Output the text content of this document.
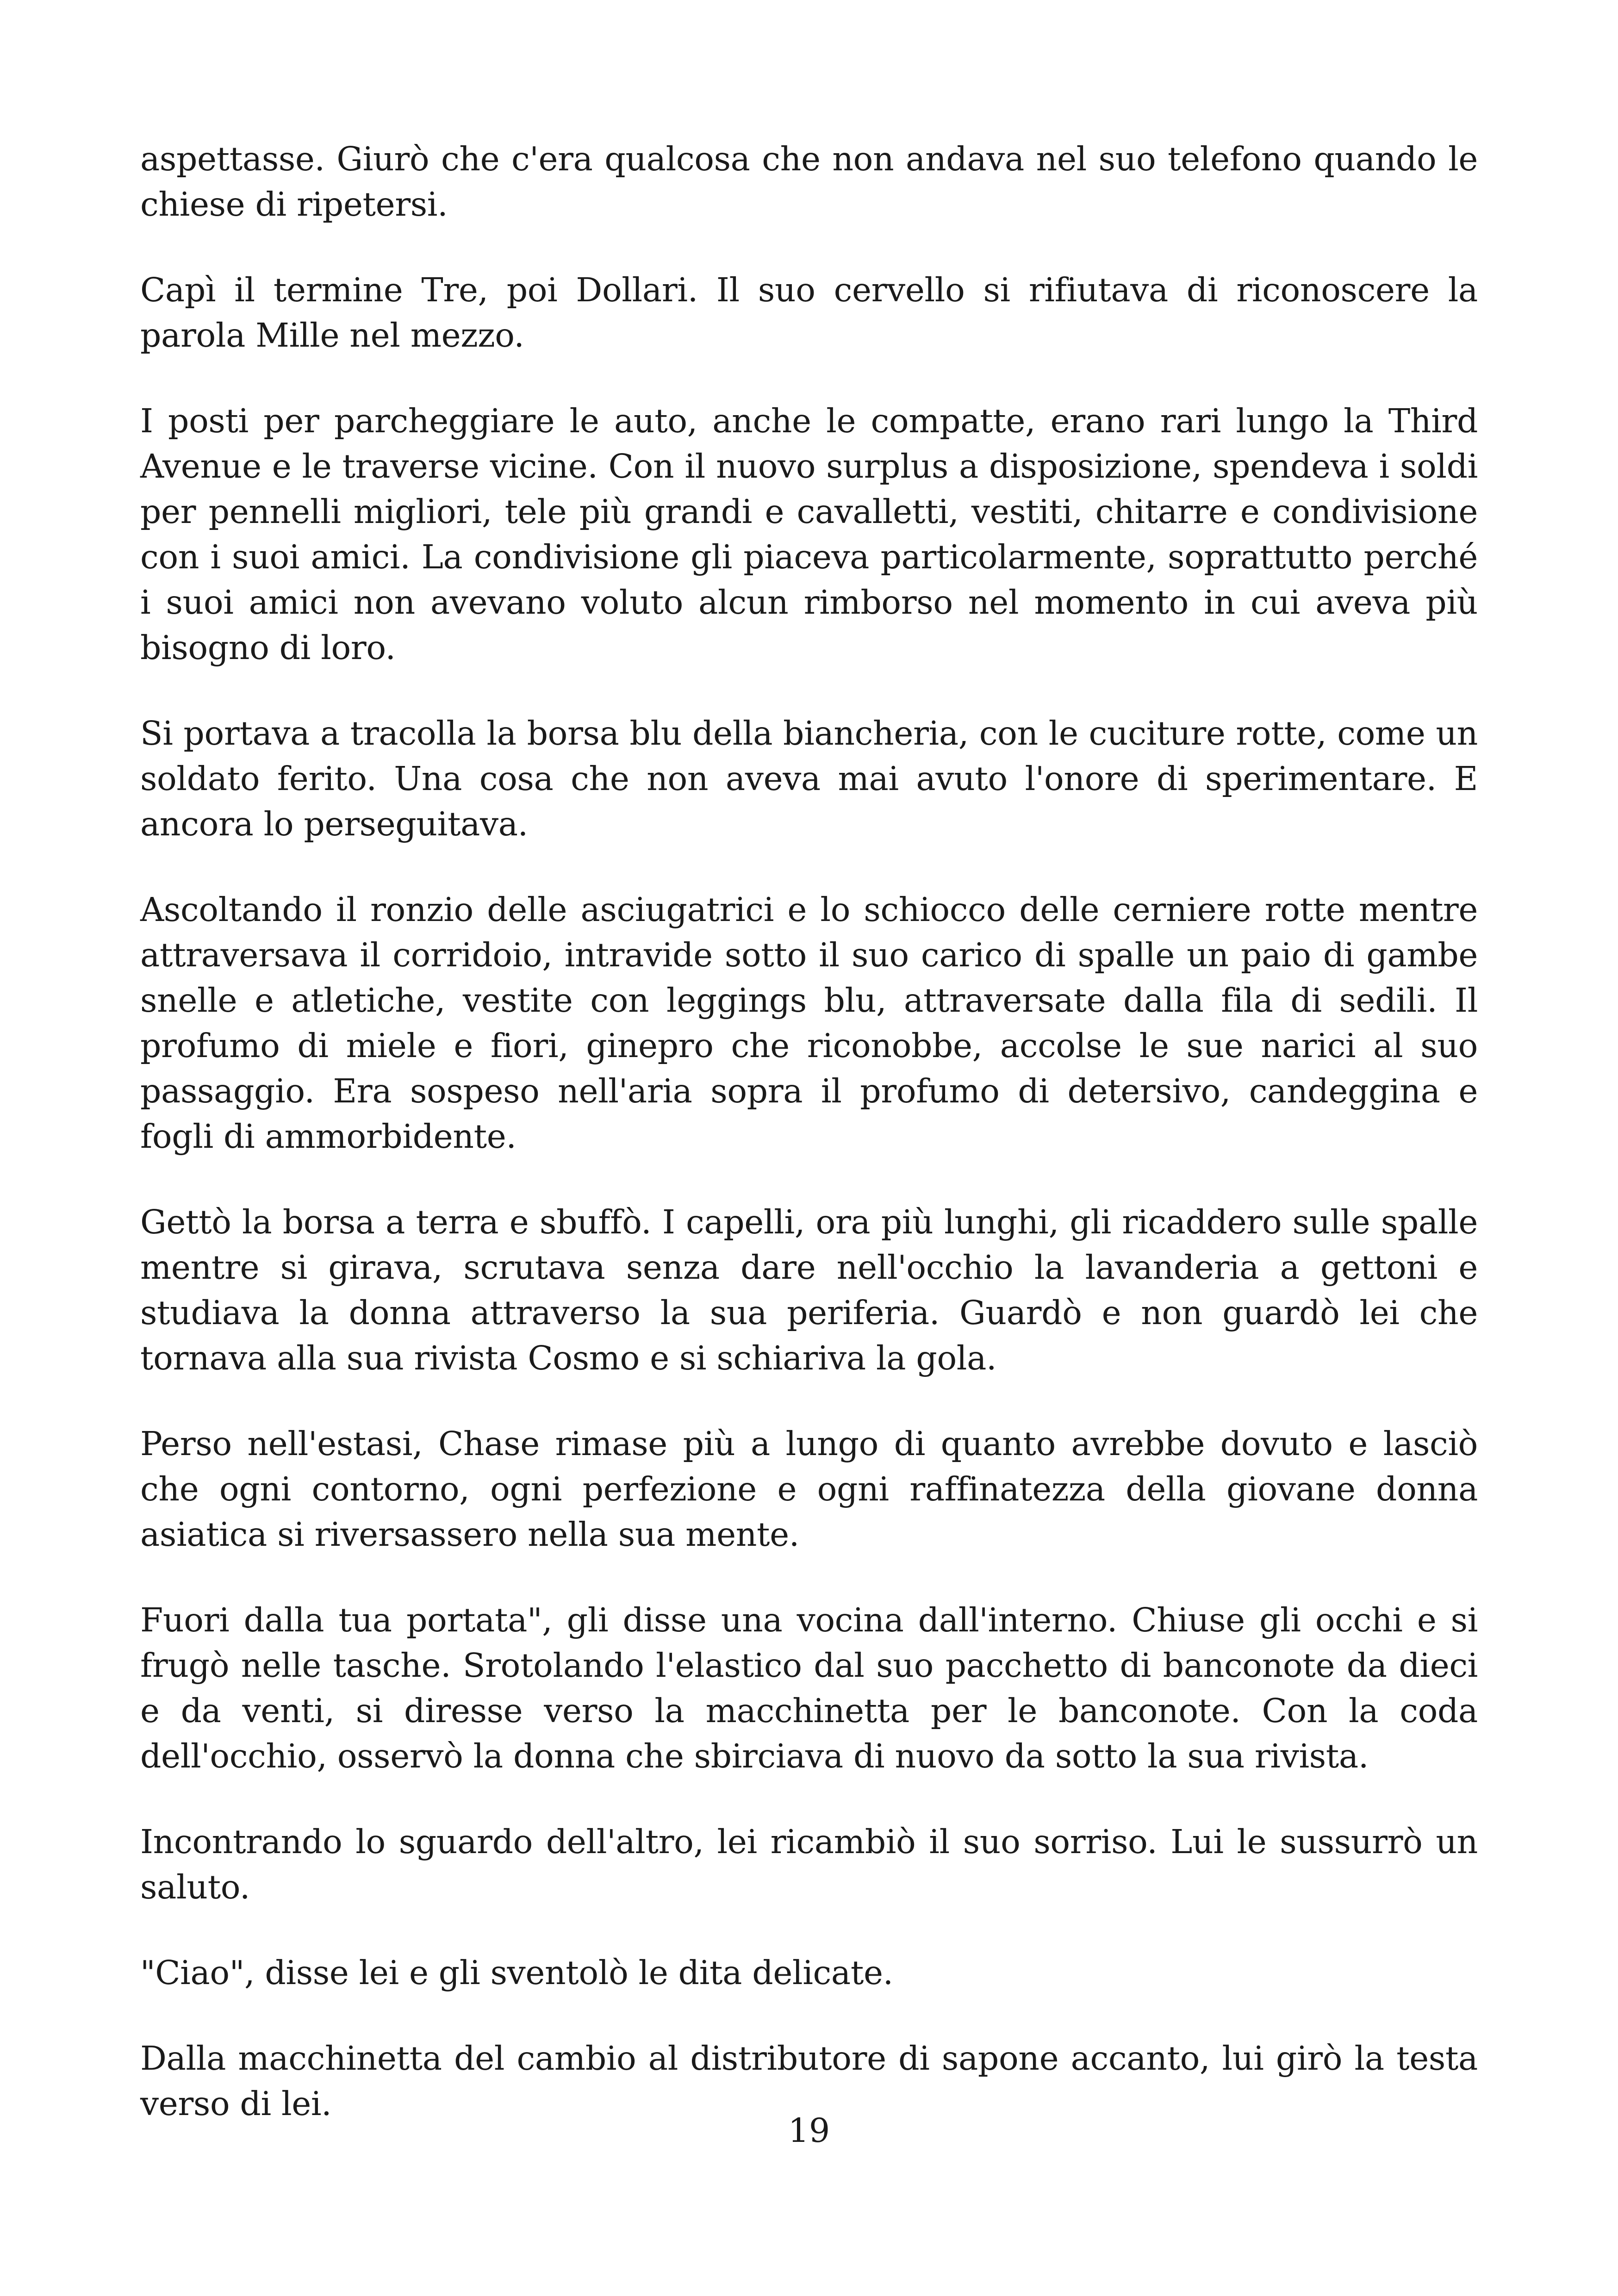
aspettasse. Giurò che c'era qualcosa che non andava nel suo telefono quando le chiese di ripetersi.

Capì il termine Tre, poi Dollari. Il suo cervello si rifiutava di riconoscere la parola Mille nel mezzo.

I posti per parcheggiare le auto, anche le compatte, erano rari lungo la Third Avenue e le traverse vicine. Con il nuovo surplus a disposizione, spendeva i soldi per pennelli migliori, tele più grandi e cavalletti, vestiti, chitarre e condivisione con i suoi amici. La condivisione gli piaceva particolarmente, soprattutto perché i suoi amici non avevano voluto alcun rimborso nel momento in cui aveva più bisogno di loro.

Si portava a tracolla la borsa blu della biancheria, con le cuciture rotte, come un soldato ferito. Una cosa che non aveva mai avuto l'onore di sperimentare. E ancora lo perseguitava.

Ascoltando il ronzio delle asciugatrici e lo schiocco delle cerniere rotte mentre attraversava il corridoio, intravide sotto il suo carico di spalle un paio di gambe snelle e atletiche, vestite con leggings blu, attraversate dalla fila di sedili. Il profumo di miele e fiori, ginepro che riconobbe, accolse le sue narici al suo passaggio. Era sospeso nell'aria sopra il profumo di detersivo, candeggina e fogli di ammorbidente.

Gettò la borsa a terra e sbuffò. I capelli, ora più lunghi, gli ricaddero sulle spalle mentre si girava, scrutava senza dare nell'occhio la lavanderia a gettoni e studiava la donna attraverso la sua periferia. Guardò e non guardò lei che tornava alla sua rivista Cosmo e si schiariva la gola.

Perso nell'estasi, Chase rimase più a lungo di quanto avrebbe dovuto e lasciò che ogni contorno, ogni perfezione e ogni raffinatezza della giovane donna asiatica si riversassero nella sua mente.

Fuori dalla tua portata", gli disse una vocina dall'interno. Chiuse gli occhi e si frugò nelle tasche. Srotolando l'elastico dal suo pacchetto di banconote da dieci e da venti, si diresse verso la macchinetta per le banconote. Con la coda dell'occhio, osservò la donna che sbirciava di nuovo da sotto la sua rivista.

Incontrando lo sguardo dell'altro, lei ricambiò il suo sorriso. Lui le sussurrò un saluto.

"Ciao", disse lei e gli sventolò le dita delicate.

Dalla macchinetta del cambio al distributore di sapone accanto, lui girò la testa verso di lei.

19
